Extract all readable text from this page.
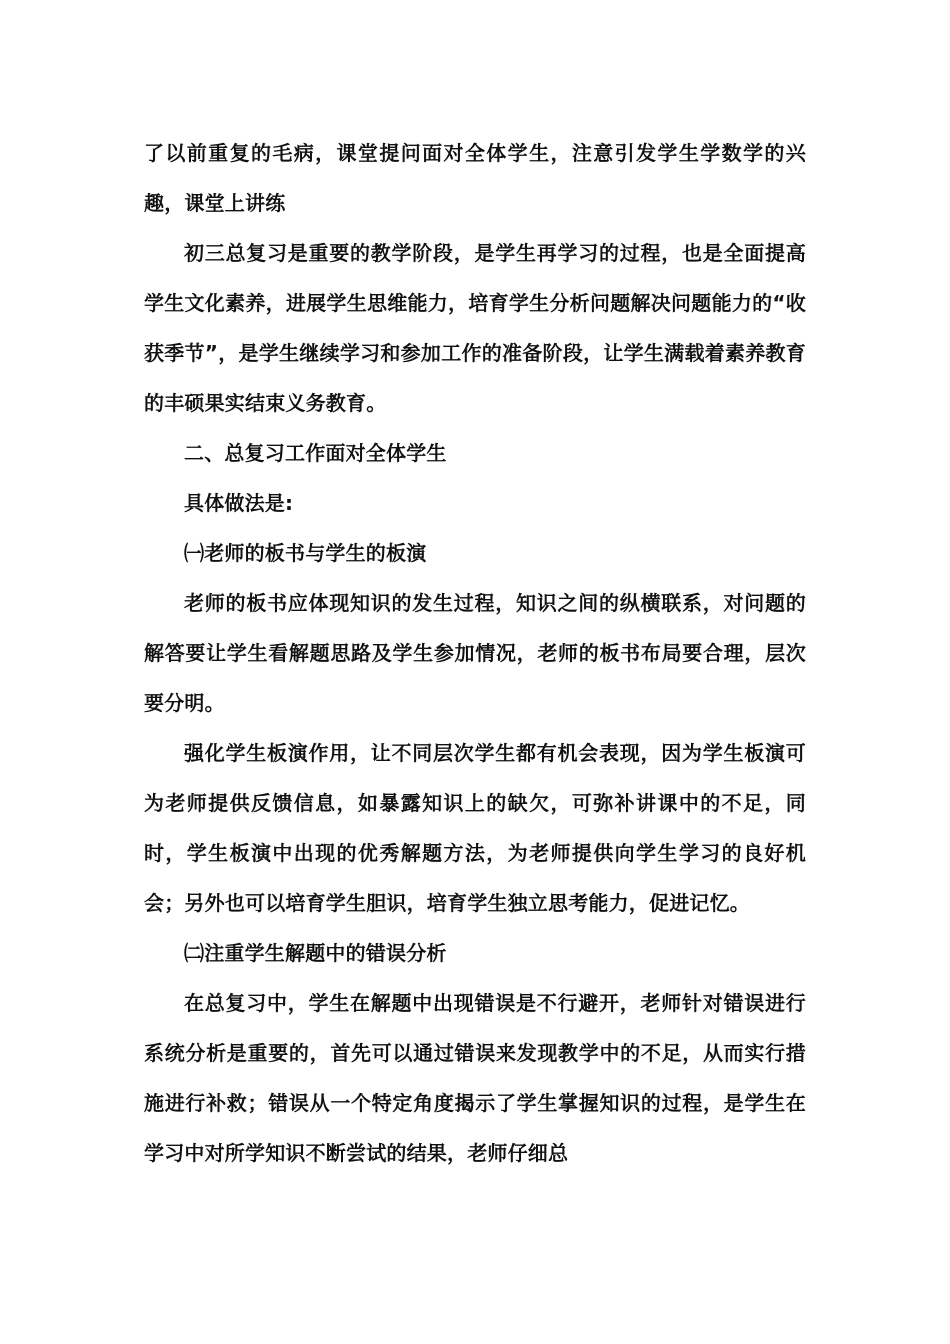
了以前重复的毛病，课堂提问面对全体学生，注意引发学生学数学的兴趣，课堂上讲练

初三总复习是重要的教学阶段，是学生再学习的过程，也是全面提高学生文化素养，进展学生思维能力，培育学生分析问题解决问题能力的“收获季节”，是学生继续学习和参加工作的准备阶段，让学生满载着素养教育的丰硕果实结束义务教育。

二、总复习工作面对全体学生

具体做法是:

㈠老师的板书与学生的板演

老师的板书应体现知识的发生过程，知识之间的纵横联系，对问题的解答要让学生看解题思路及学生参加情况，老师的板书布局要合理，层次要分明。

强化学生板演作用，让不同层次学生都有机会表现，因为学生板演可为老师提供反馈信息，如暴露知识上的缺欠，可弥补讲课中的不足，同时，学生板演中出现的优秀解题方法，为老师提供向学生学习的良好机会；另外也可以培育学生胆识，培育学生独立思考能力，促进记忆。

㈡注重学生解题中的错误分析

在总复习中，学生在解题中出现错误是不行避开，老师针对错误进行系统分析是重要的，首先可以通过错误来发现教学中的不足，从而实行措施进行补救；错误从一个特定角度揭示了学生掌握知识的过程，是学生在学习中对所学知识不断尝试的结果，老师仔细总
